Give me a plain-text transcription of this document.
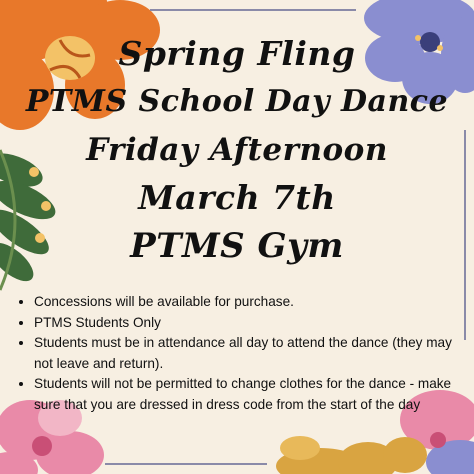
Spring Fling
PTMS School Day Dance
Friday Afternoon
March 7th
PTMS Gym
• Concessions will be available for purchase.
• PTMS Students Only
• Students must be in attendance all day to attend the dance (they may not leave and return).
• Students will not be permitted to change clothes for the dance - make sure that you are dressed in dress code from the start of the day
